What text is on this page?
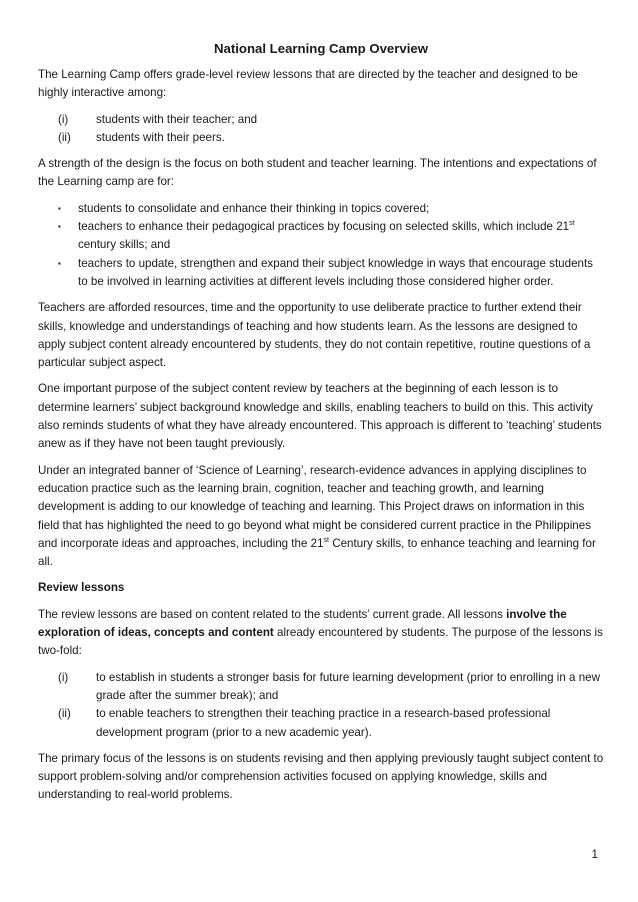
National Learning Camp Overview

The Learning Camp offers grade-level review lessons that are directed by the teacher and designed to be highly interactive among:

(i)	students with their teacher; and
(ii)	students with their peers.

A strength of the design is the focus on both student and teacher learning. The intentions and expectations of the Learning camp are for:

▪	students to consolidate and enhance their thinking in topics covered;
▪	teachers to enhance their pedagogical practices by focusing on selected skills, which include 21st century skills; and
▪	teachers to update, strengthen and expand their subject knowledge in ways that encourage students to be involved in learning activities at different levels including those considered higher order.

Teachers are afforded resources, time and the opportunity to use deliberate practice to further extend their skills, knowledge and understandings of teaching and how students learn. As the lessons are designed to apply subject content already encountered by students, they do not contain repetitive, routine questions of a particular subject aspect.

One important purpose of the subject content review by teachers at the beginning of each lesson is to determine learners’ subject background knowledge and skills, enabling teachers to build on this. This activity also reminds students of what they have already encountered. This approach is different to ‘teaching’ students anew as if they have not been taught previously.

Under an integrated banner of ‘Science of Learning’, research-evidence advances in applying disciplines to education practice such as the learning brain, cognition, teacher and teaching growth, and learning development is adding to our knowledge of teaching and learning. This Project draws on information in this field that has highlighted the need to go beyond what might be considered current practice in the Philippines and incorporate ideas and approaches, including the 21st Century skills, to enhance teaching and learning for all.

Review lessons

The review lessons are based on content related to the students’ current grade. All lessons involve the exploration of ideas, concepts and content already encountered by students. The purpose of the lessons is two-fold:

(i)	to establish in students a stronger basis for future learning development (prior to enrolling in a new grade after the summer break); and
(ii)	to enable teachers to strengthen their teaching practice in a research-based professional development program (prior to a new academic year).

The primary focus of the lessons is on students revising and then applying previously taught subject content to support problem-solving and/or comprehension activities focused on applying knowledge, skills and understanding to real-world problems.

1
